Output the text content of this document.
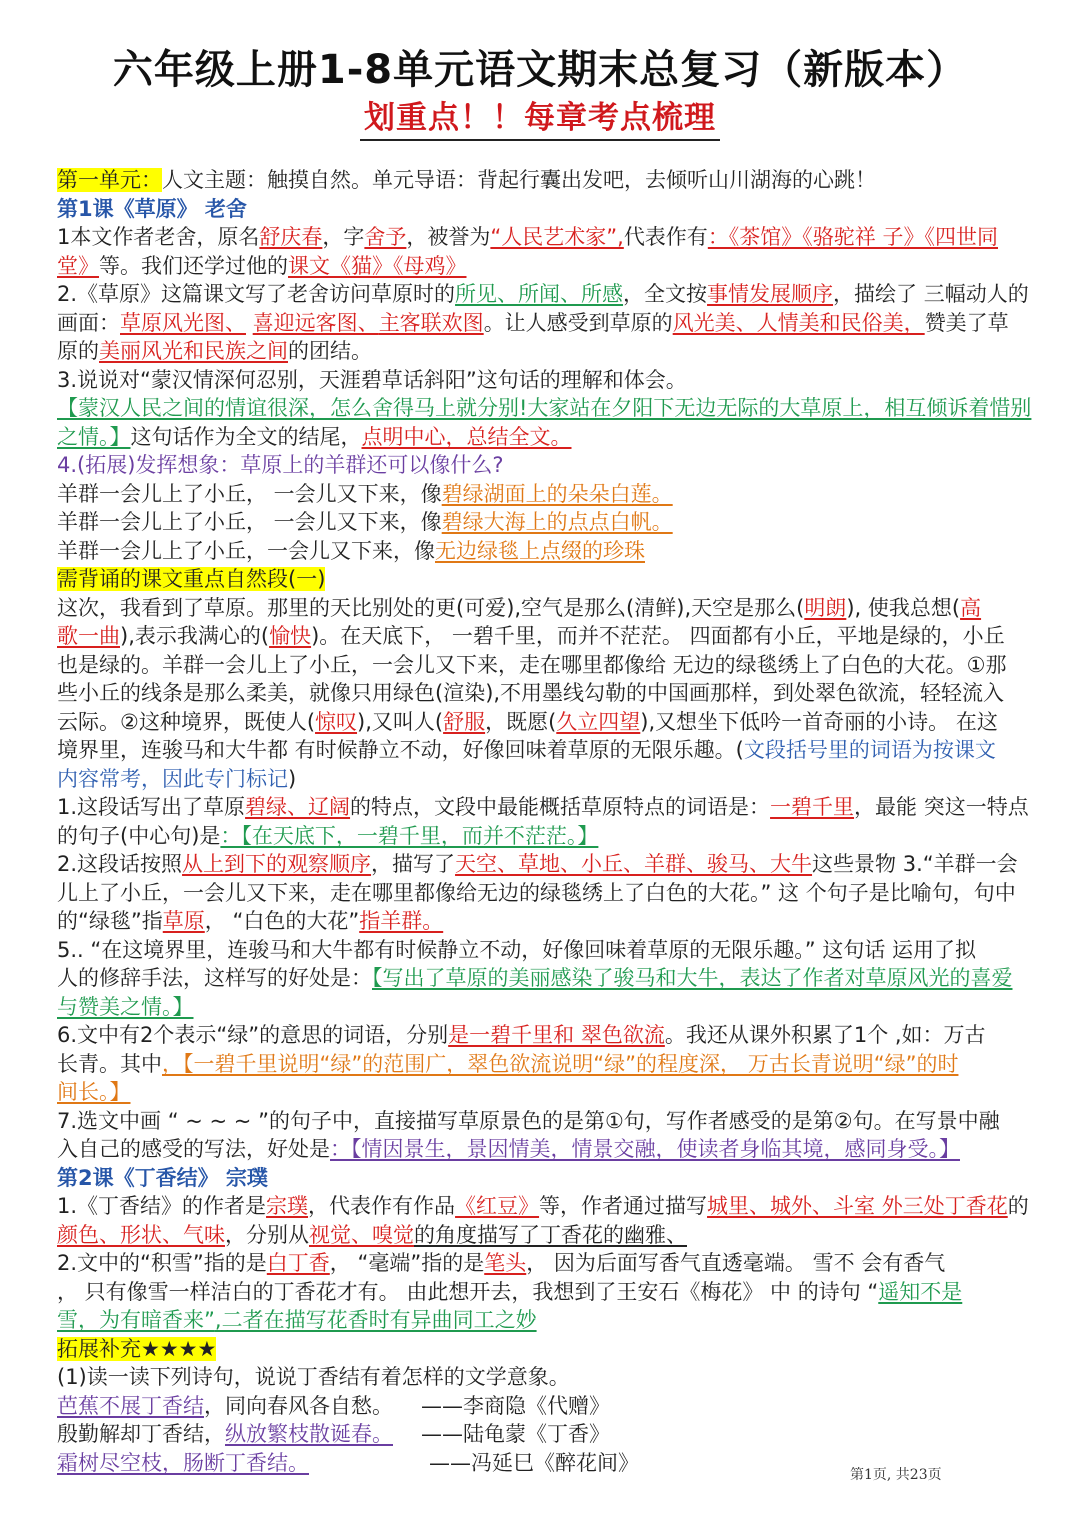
六年级上册1-8单元语文期末总复习（新版本）
划重点！！每章考点梳理
第一单元：人文主题：触摸自然。单元导语：背起行囊出发吧，去倾听山川湖海的心跳！
第1课《草原》 老舍
1本文作者老舍，原名舒庆春，字舍予，被誉为“人民艺术家”,代表作有：《茶馆》《骆驼祥 子》《四世同
堂》等。我们还学过他的课文《猫》《母鸡》
2.《草原》这篇课文写了老舍访问草原时的所见、所闻、所感，全文按事情发展顺序，描绘了 三幅动人的
画面：草原风光图、 喜迎远客图、主客联欢图。让人感受到草原的风光美、人情美和民俗美，赞美了草
原的美丽风光和民族之间的团结。
3.说说对“蒙汉情深何忍别，天涯碧草话斜阳”这句话的理解和体会。
【蒙汉人民之间的情谊很深，怎么舍得马上就分别!大家站在夕阳下无边无际的大草原上，相互倾诉着惜别
之情。】这句话作为全文的结尾，点明中心，总结全文。
4.(拓展)发挥想象：草原上的羊群还可以像什么?
羊群一会儿上了小丘， 一会儿又下来，像碧绿湖面上的朵朵白莲。
羊群一会儿上了小丘， 一会儿又下来，像碧绿大海上的点点白帆。
羊群一会儿上了小丘，一会儿又下来，像无边绿毯上点缀的珍珠
需背诵的课文重点自然段(一)
这次，我看到了草原。那里的天比别处的更(可爱),空气是那么(清鲜),天空是那么(明朗), 使我总想(高
歌一曲),表示我满心的(愉快)。在天底下， 一碧千里，而并不茫茫。 四面都有小丘，平地是绿的，小丘
也是绿的。羊群一会儿上了小丘，一会儿又下来，走在哪里都像给 无边的绿毯绣上了白色的大花。①那
些小丘的线条是那么柔美，就像只用绿色(渲染),不用墨线勾勒的中国画那样，到处翠色欲流，轻轻流入
云际。②这种境界，既使人(惊叹),又叫人(舒服，既愿(久立四望),又想坐下低吟一首奇丽的小诗。 在这
境界里，连骏马和大牛都 有时候静立不动，好像回味着草原的无限乐趣。(文段括号里的词语为按课文
内容常考，因此专门标记)
1.这段话写出了草原碧绿、辽阔的特点，文段中最能概括草原特点的词语是：一碧千里，最能 突这一特点
的句子(中心句)是：【在天底下，一碧千里，而并不茫茫。】
2.这段话按照从上到下的观察顺序，描写了天空、草地、小丘、羊群、骏马、大牛这些景物 3.“羊群一会
儿上了小丘，一会儿又下来，走在哪里都像给无边的绿毯绣上了白色的大花。” 这 个句子是比喻句，句中
的“绿毯”指草原， “白色的大花”指羊群。
5.. “在这境界里，连骏马和大牛都有时候静立不动，好像回味着草原的无限乐趣。” 这句话 运用了拟
人的修辞手法，这样写的好处是：【写出了草原的美丽感染了骏马和大牛，表达了作者对草原风光的喜爱
与赞美之情。】
6.文中有2个表示“绿”的意思的词语，分别是一碧千里和 翠色欲流。我还从课外积累了1个 ,如：万古
长青。其中，【一碧千里说明“绿”的范围广，翠色欲流说明“绿”的程度深， 万古长青说明“绿”的时
间长。】
7.选文中画 “ ~ ~ ~ ”的句子中，直接描写草原景色的是第①句，写作者感受的是第②句。在写景中融
入自己的感受的写法，好处是：【情因景生，景因情美，情景交融，使读者身临其境，感同身受。】
第2课《丁香结》 宗璞
1.《丁香结》的作者是宗璞，代表作有作品《红豆》等，作者通过描写城里、城外、斗室 外三处丁香花的
颜色、形状、气味，分别从视觉、嗅觉的角度描写了丁香花的幽雅、
2.文中的“积雪”指的是白丁香， “毫端”指的是笔头， 因为后面写香气直透毫端。 雪不 会有香气
， 只有像雪一样洁白的丁香花才有。 由此想开去，我想到了王安石《梅花》 中 的诗句 “遥知不是
雪，为有暗香来”,二者在描写花香时有异曲同工之妙
拓展补充★★★★
(1)读一读下列诗句，说说丁香结有着怎样的文学意象。
芭蕉不展丁香结，同向春风各自愁。 ——李商隐《代赠》
殷勤解却丁香结，纵放繁枝散诞春。 ——陆龟蒙《丁香》
霜树尽空枝，肠断丁香结。	——冯延巳《醉花间》
第1页, 共23页
